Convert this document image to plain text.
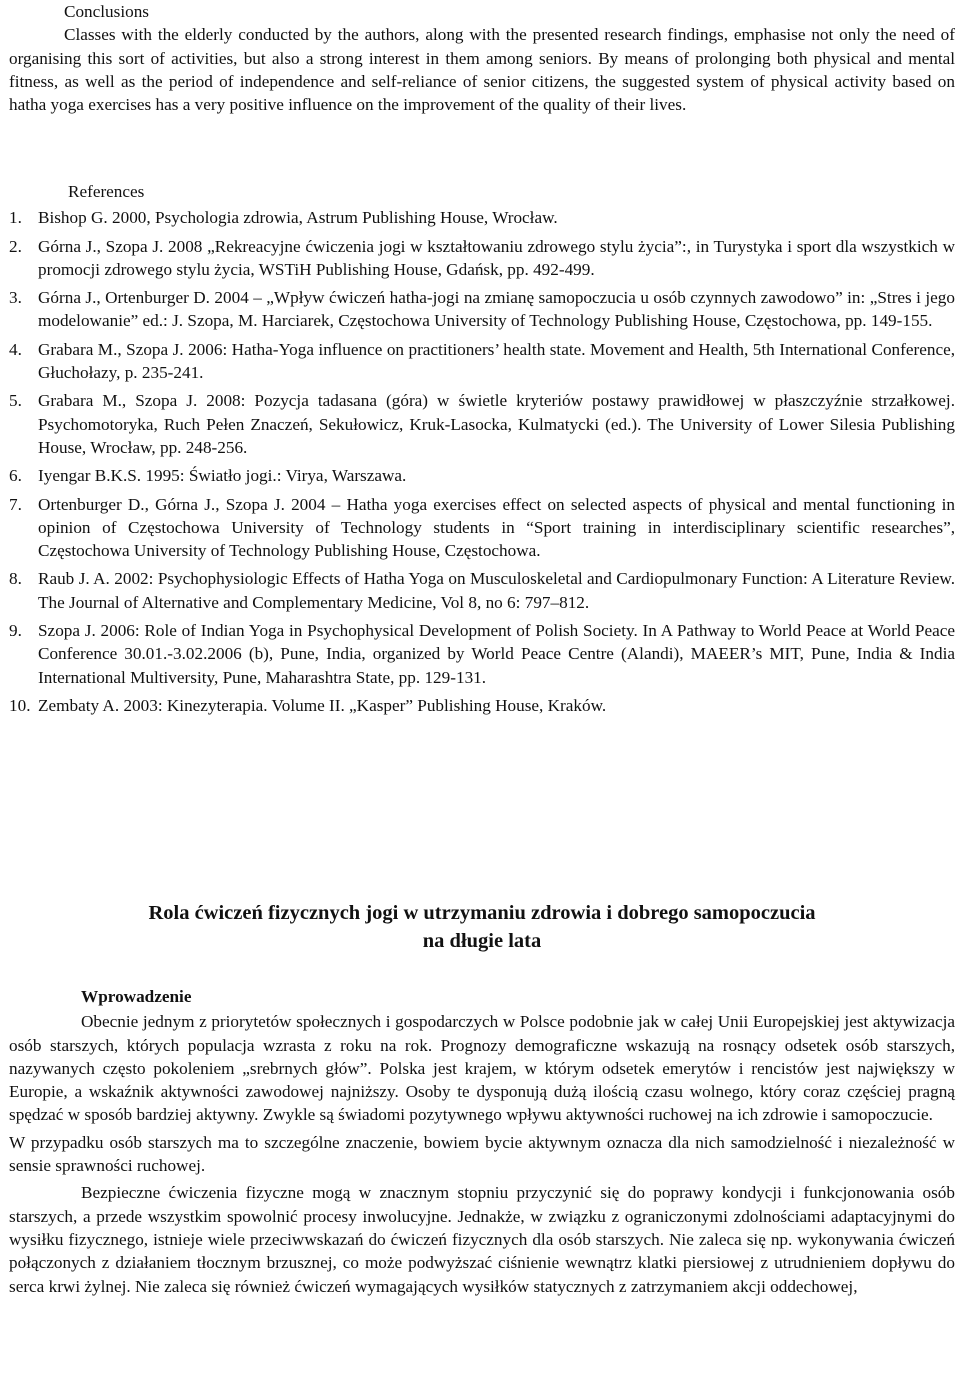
Conclusions

Classes with the elderly conducted by the authors, along with the presented research findings, emphasise not only the need of organising this sort of activities, but also a strong interest in them among seniors. By means of prolonging both physical and mental fitness, as well as the period of independence and self-reliance of senior citizens, the suggested system of physical activity based on hatha yoga exercises has a very positive influence on the improvement of the quality of their lives.

References
1. Bishop G. 2000, Psychologia zdrowia, Astrum Publishing House, Wrocław.
2. Górna J., Szopa J. 2008 „Rekreacyjne ćwiczenia jogi w kształtowaniu zdrowego stylu życia”:, in Turystyka i sport dla wszystkich w promocji zdrowego stylu życia, WSTiH Publishing House, Gdańsk, pp. 492-499.
3. Górna J., Ortenburger D. 2004 – „Wpływ ćwiczeń hatha-jogi na zmianę samopoczucia u osób czynnych zawodowo” in: „Stres i jego modelowanie” ed.: J. Szopa, M. Harciarek, Częstochowa University of Technology Publishing House, Częstochowa, pp. 149-155.
4. Grabara M., Szopa J. 2006: Hatha-Yoga influence on practitioners’ health state. Movement and Health, 5th International Conference, Głuchołazy, p. 235-241.
5. Grabara M., Szopa J. 2008: Pozycja tadasana (góra) w świetle kryteriów postawy prawidłowej w płaszczyźnie strzałkowej. Psychomotoryka, Ruch Pełen Znaczeń, Sekułowicz, Kruk-Lasocka, Kulmatycki (ed.). The University of Lower Silesia Publishing House, Wrocław, pp. 248-256.
6. Iyengar B.K.S. 1995: Światło jogi.: Virya, Warszawa.
7. Ortenburger D., Górna J., Szopa J. 2004 – Hatha yoga exercises effect on selected aspects of physical and mental functioning in opinion of Częstochowa University of Technology students in “Sport training in interdisciplinary scientific researches”, Częstochowa University of Technology Publishing House, Częstochowa.
8. Raub J. A. 2002: Psychophysiologic Effects of Hatha Yoga on Musculoskeletal and Cardiopulmonary Function: A Literature Review. The Journal of Alternative and Complementary Medicine, Vol 8, no 6: 797–812.
9. Szopa J. 2006: Role of Indian Yoga in Psychophysical Development of Polish Society. In A Pathway to World Peace at World Peace Conference 30.01.-3.02.2006 (b), Pune, India, organized by World Peace Centre (Alandi), MAEER’s MIT, Pune, India & India International Multiversity, Pune, Maharashtra State, pp. 129-131.
10. Zembaty A. 2003: Kinezyterapia. Volume II. „Kasper” Publishing House, Kraków.
Rola ćwiczeń fizycznych jogi w utrzymaniu zdrowia i dobrego samopoczucia
na długie lata
Wprowadzenie

Obecnie jednym z priorytetów społecznych i gospodarczych w Polsce podobnie jak w całej Unii Europejskiej jest aktywizacja osób starszych, których populacja wzrasta z roku na rok. Prognozy demograficzne wskazują na rosnący odsetek osób starszych, nazywanych często pokoleniem „srebrnych głów”. Polska jest krajem, w którym odsetek emerytów i rencistów jest największy w Europie, a wskaźnik aktywności zawodowej najniższy. Osoby te dysponują dużą ilością czasu wolnego, który coraz częściej pragną spędzać w sposób bardziej aktywny. Zwykle są świadomi pozytywnego wpływu aktywności ruchowej na ich zdrowie i samopoczucie.

W przypadku osób starszych ma to szczególne znaczenie, bowiem bycie aktywnym oznacza dla nich samodzielność i niezależność w sensie sprawności ruchowej.

Bezpieczne ćwiczenia fizyczne mogą w znacznym stopniu przyczynić się do poprawy kondycji i funkcjonowania osób starszych, a przede wszystkim spowolnić procesy inwolucyjne. Jednakże, w związku z ograniczonymi zdolnościami adaptacyjnymi do wysiłku fizycznego, istnieje wiele przeciwwskazań do ćwiczeń fizycznych dla osób starszych. Nie zaleca się np. wykonywania ćwiczeń połączonych z działaniem tłocznym brzusznej, co może podwyższać ciśnienie wewnątrz klatki piersiowej z utrudnieniem dopływu do serca krwi żylnej. Nie zaleca się również ćwiczeń wymagających wysiłków statycznych z zatrzymaniem akcji oddechowej,
